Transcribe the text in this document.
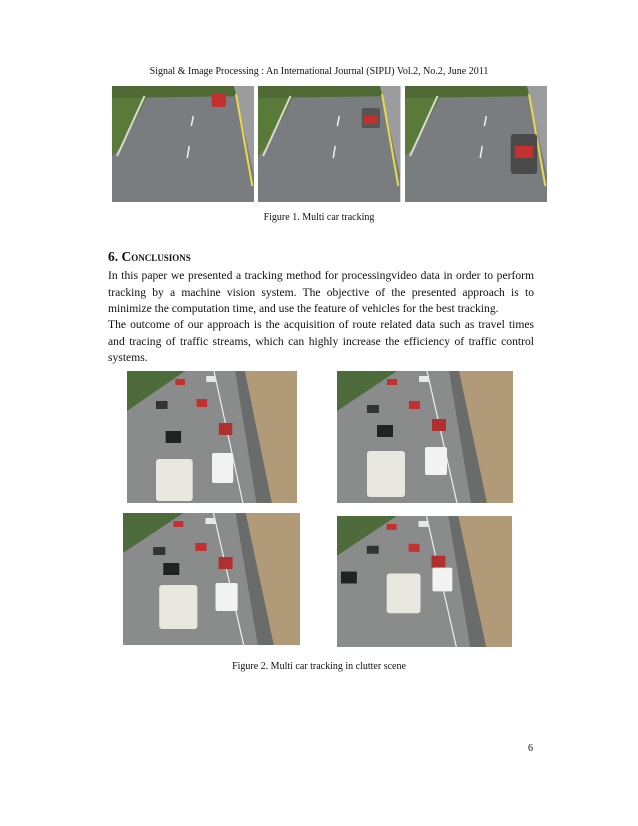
Signal & Image Processing : An International Journal (SIPIJ) Vol.2, No.2, June 2011
Figure 1. Multi car tracking
6. Conclusions

In this paper we presented a tracking method for processingvideo data in order to perform tracking by a machine vision system. The objective of the presented approach is to minimize the computation time, and use the feature of vehicles for the best tracking.

The outcome of our approach is the acquisition of route related data such as travel times and tracing of traffic streams, which can highly increase the efficiency of traffic control systems.

Figure 2. Multi car tracking in clutter scene
6
